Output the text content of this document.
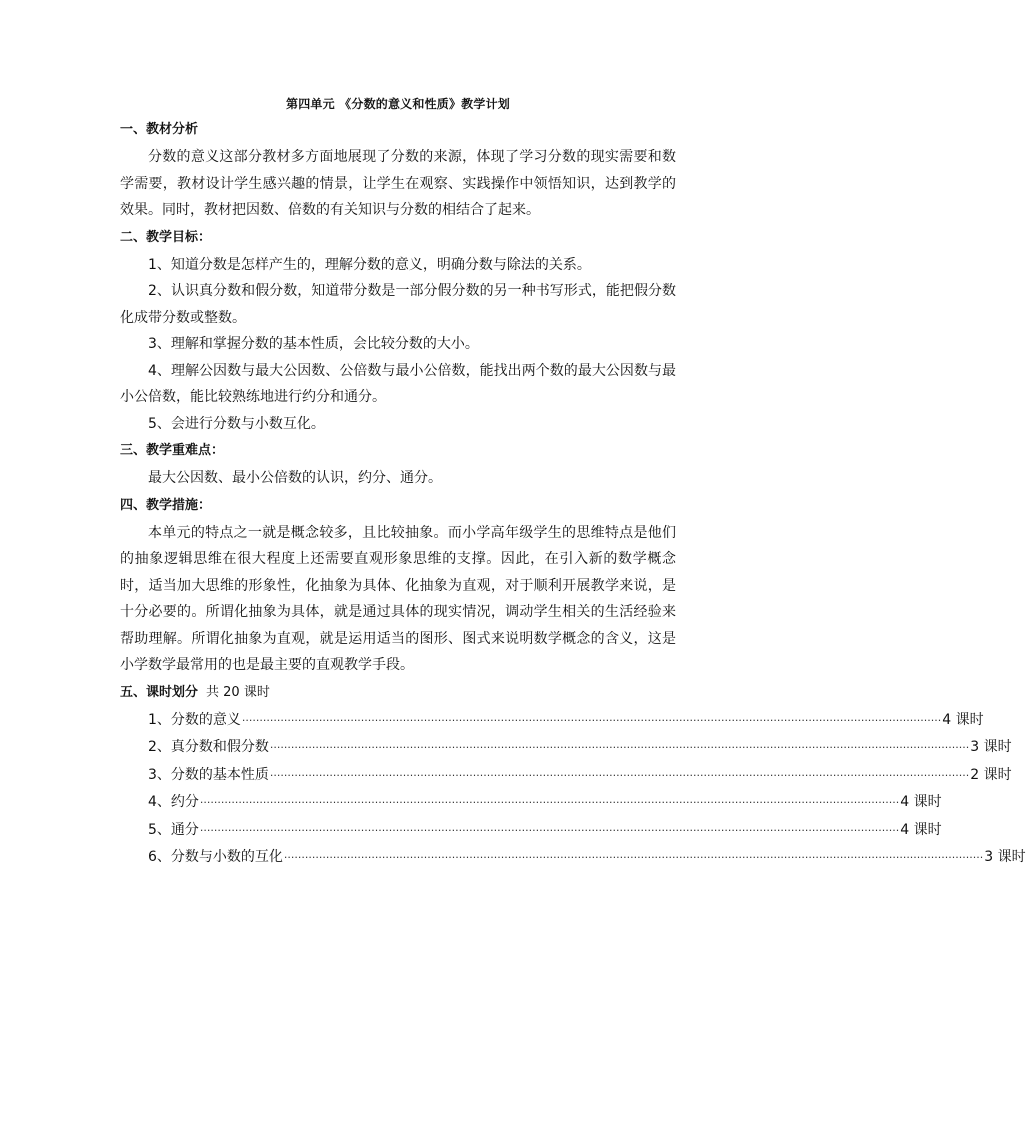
第四单元 《分数的意义和性质》教学计划
一、教材分析

分数的意义这部分教材多方面地展现了分数的来源，体现了学习分数的现实需要和数学需要，教材设计学生感兴趣的情景，让学生在观察、实践操作中领悟知识，达到教学的效果。同时，教材把因数、倍数的有关知识与分数的相结合了起来。

二、教学目标：

1、知道分数是怎样产生的，理解分数的意义，明确分数与除法的关系。

2、认识真分数和假分数，知道带分数是一部分假分数的另一种书写形式，能把假分数化成带分数或整数。

3、理解和掌握分数的基本性质，会比较分数的大小。

4、理解公因数与最大公因数、公倍数与最小公倍数，能找出两个数的最大公因数与最小公倍数，能比较熟练地进行约分和通分。

5、会进行分数与小数互化。

三、教学重难点：

最大公因数、最小公倍数的认识，约分、通分。

四、教学措施：

本单元的特点之一就是概念较多，且比较抽象。而小学高年级学生的思维特点是他们的抽象逻辑思维在很大程度上还需要直观形象思维的支撑。因此，在引入新的数学概念时，适当加大思维的形象性，化抽象为具体、化抽象为直观，对于顺利开展教学来说，是十分必要的。所谓化抽象为具体，就是通过具体的现实情况，调动学生相关的生活经验来帮助理解。所谓化抽象为直观，就是运用适当的图形、图式来说明数学概念的含义，这是小学数学最常用的也是最主要的直观教学手段。

五、课时划分 共 20 课时
1、分数的意义 ········································································································································································································ 4 课时
2、真分数和假分数 ········································································································································································································ 3 课时
3、分数的基本性质 ········································································································································································································ 2 课时
4、约分 ········································································································································································································ 4 课时
5、通分 ········································································································································································································ 4 课时
6、分数与小数的互化 ········································································································································································································ 3 课时
